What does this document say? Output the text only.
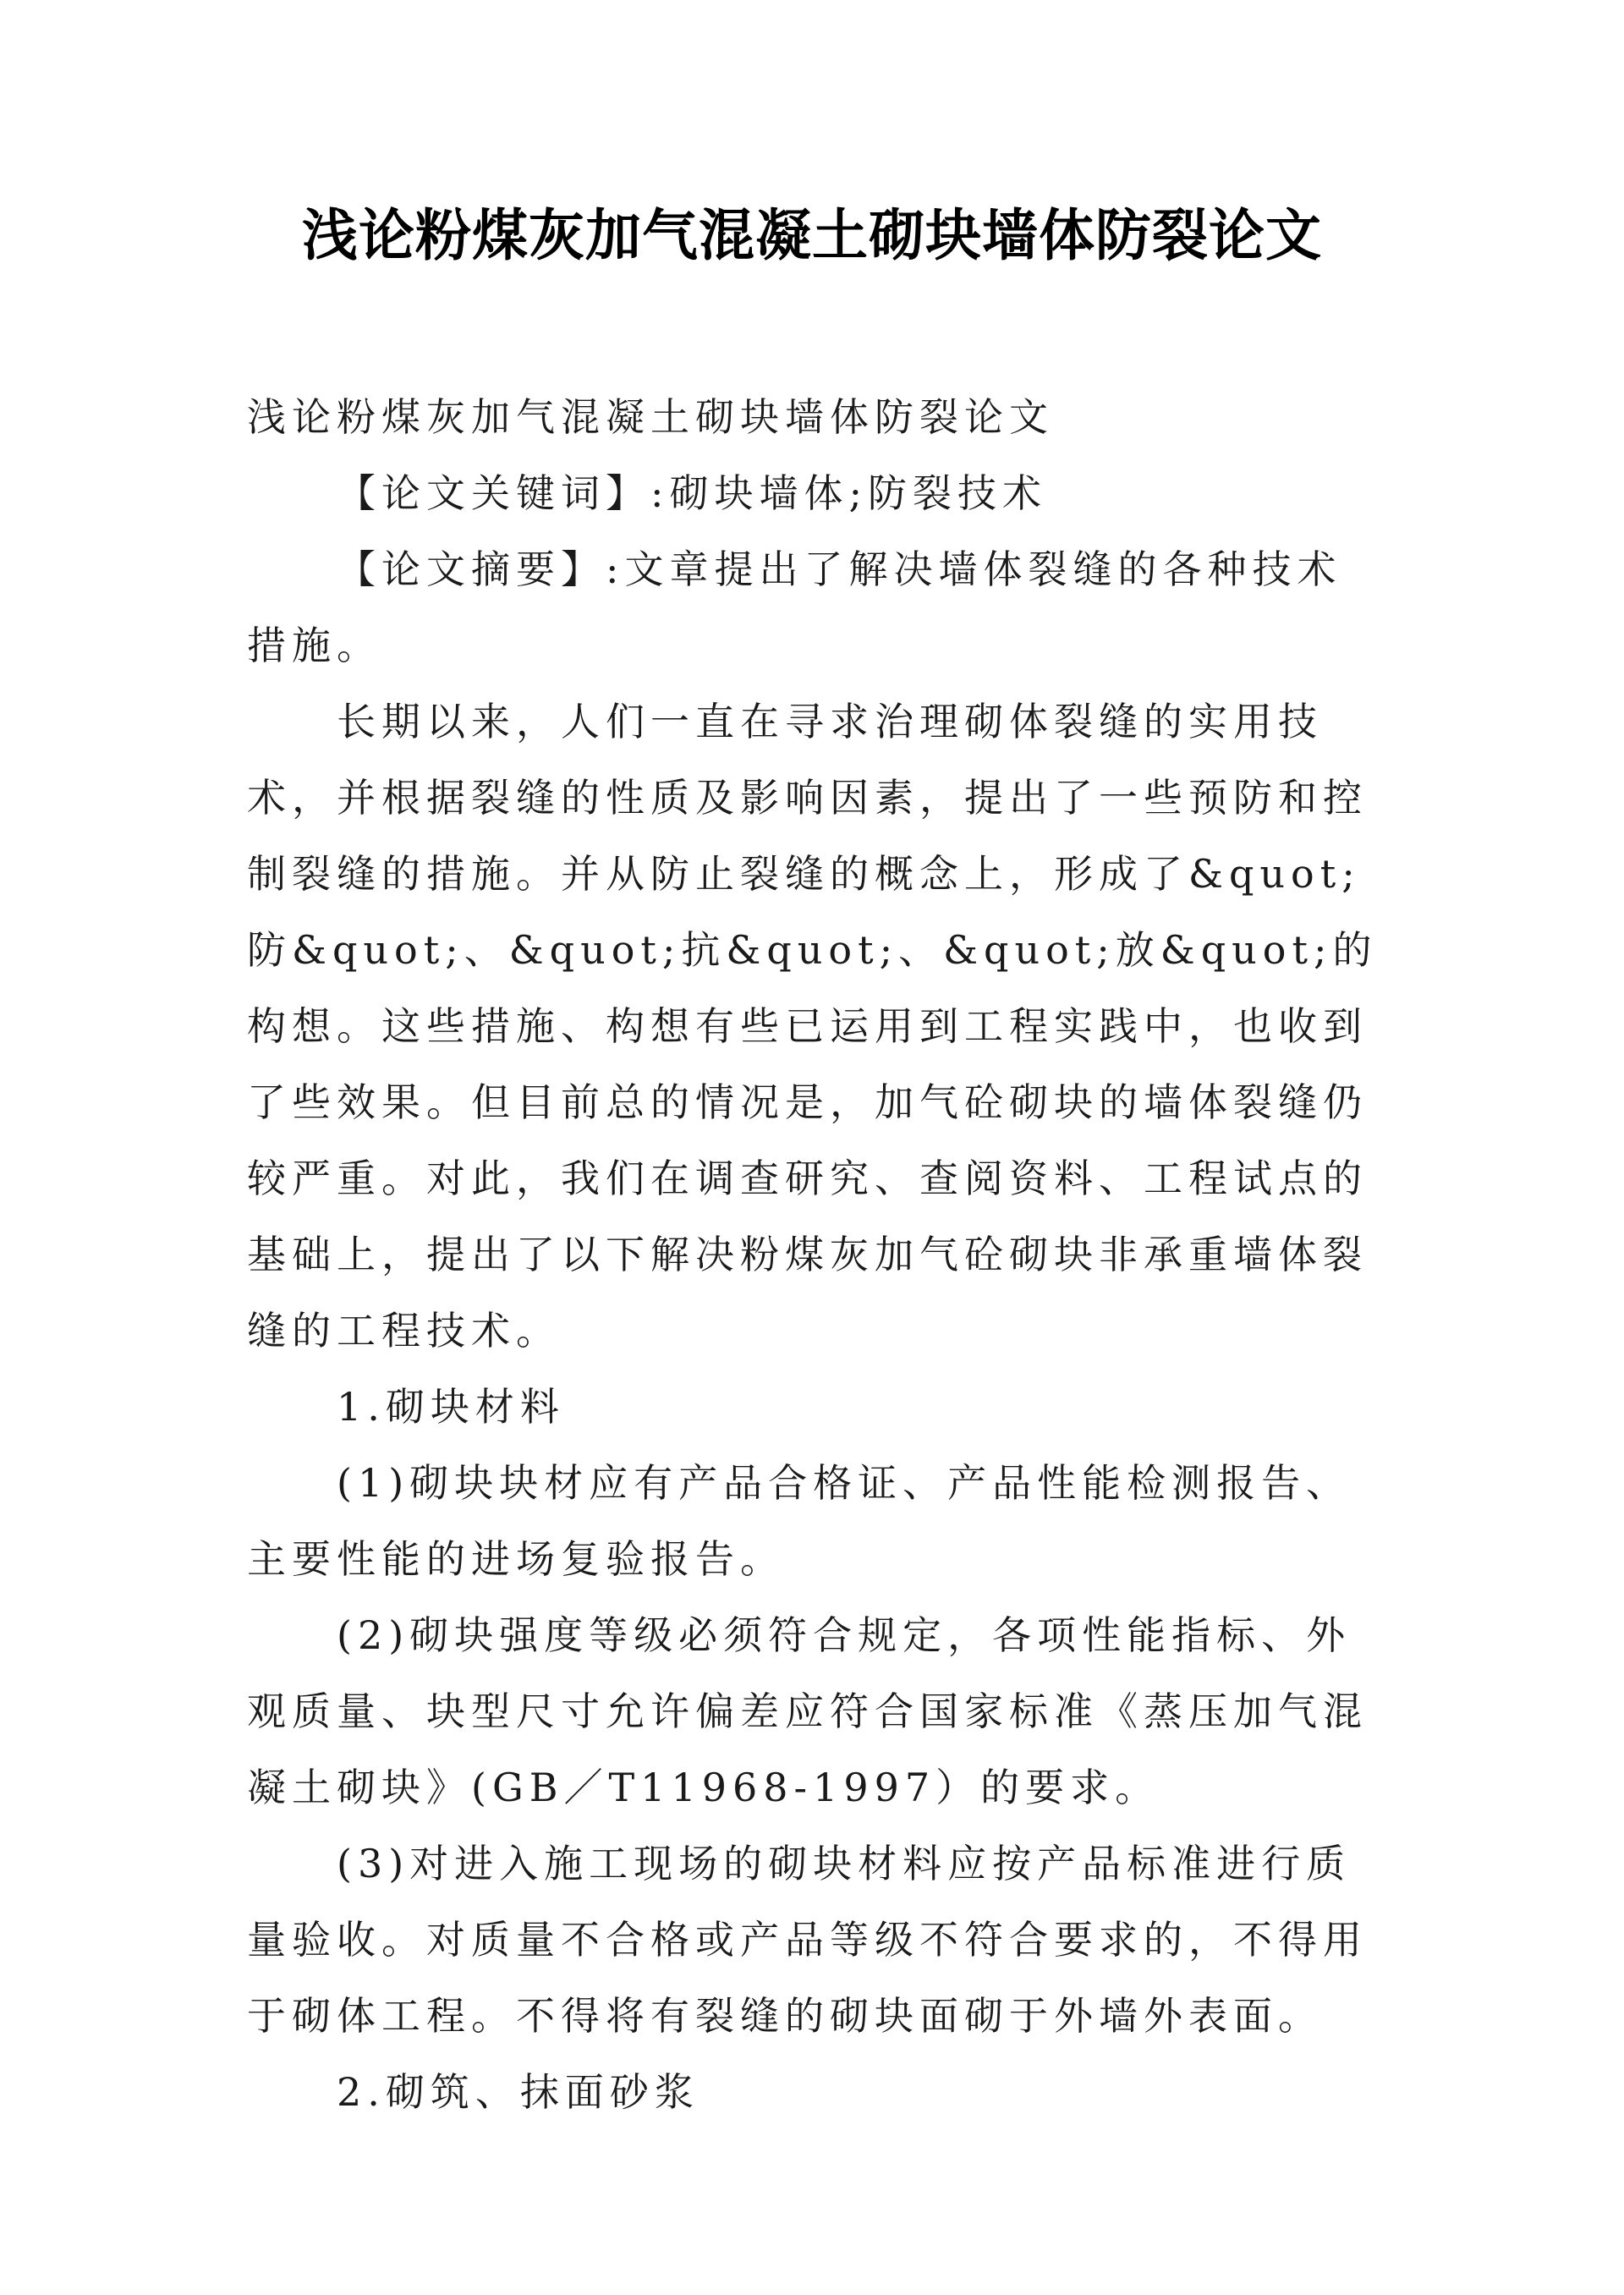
浅论粉煤灰加气混凝土砌块墙体防裂论文

浅论粉煤灰加气混凝土砌块墙体防裂论文

【论文关键词】:砌块墙体;防裂技术

【论文摘要】:文章提出了解决墙体裂缝的各种技术措施。

长期以来，人们一直在寻求治理砌体裂缝的实用技术，并根据裂缝的性质及影响因素，提出了一些预防和控制裂缝的措施。并从防止裂缝的概念上，形成了&quot;防&quot;、&quot;抗&quot;、&quot;放&quot;的构想。这些措施、构想有些已运用到工程实践中，也收到了些效果。但目前总的情况是，加气砼砌块的墙体裂缝仍较严重。对此，我们在调查研究、查阅资料、工程试点的基础上，提出了以下解决粉煤灰加气砼砌块非承重墙体裂缝的工程技术。

1.砌块材料

(1)砌块块材应有产品合格证、产品性能检测报告、主要性能的进场复验报告。

(2)砌块强度等级必须符合规定，各项性能指标、外观质量、块型尺寸允许偏差应符合国家标准《蒸压加气混凝土砌块》(GB／T11968-1997）的要求。

(3)对进入施工现场的砌块材料应按产品标准进行质量验收。对质量不合格或产品等级不符合要求的，不得用于砌体工程。不得将有裂缝的砌块面砌于外墙外表面。

2.砌筑、抹面砂浆
